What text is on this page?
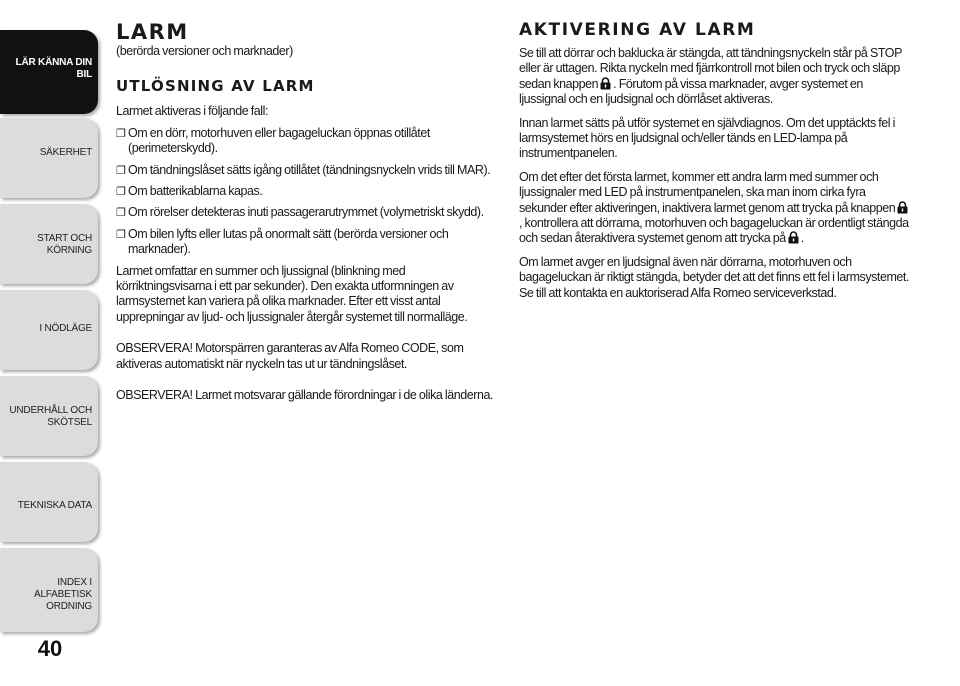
LÄR KÄNNA DIN
BIL
SÄKERHET
START OCH
KÖRNING
I NÖDLÄGE
UNDERHÅLL OCH
SKÖTSEL
TEKNISKA DATA
INDEX I ALFABETISK
ORDNING
40
LARM

(berörda versioner och marknader)

UTLÖSNING AV LARM

Larmet aktiveras i följande fall:

❐ Om en dörr, motorhuven eller bagageluckan öppnas otillåtet (perimeterskydd).
❐ Om tändningslåset sätts igång otillåtet (tändningsnyckeln vrids till MAR).
❐ Om batterikablarna kapas.
❐ Om rörelser detekteras inuti passagerarutrymmet (volymetriskt skydd).
❐ Om bilen lyfts eller lutas på onormalt sätt (berörda versioner och marknader).

Larmet omfattar en summer och ljussignal (blinkning med körriktningsvisarna i ett par sekunder). Den exakta utformningen av larmsystemet kan variera på olika marknader. Efter ett visst antal upprepningar av ljud- och ljussignaler återgår systemet till normalläge.

OBSERVERA! Motorspärren garanteras av Alfa Romeo CODE, som aktiveras automatiskt när nyckeln tas ut ur tändningslåset.

OBSERVERA! Larmet motsvarar gällande förordningar i de olika länderna.

AKTIVERING AV LARM

Se till att dörrar och baklucka är stängda, att tändningsnyckeln står på STOP eller är uttagen. Rikta nyckeln med fjärrkontroll mot bilen och tryck och släpp sedan knappen . Förutom på vissa marknader, avger systemet en ljussignal och en ljudsignal och dörrlåset aktiveras.

Innan larmet sätts på utför systemet en självdiagnos. Om det upptäckts fel i larmsystemet hörs en ljudsignal och/eller tänds en LED-lampa på instrumentpanelen.

Om det efter det första larmet, kommer ett andra larm med summer och ljussignaler med LED på instrumentpanelen, ska man inom cirka fyra sekunder efter aktiveringen, inaktivera larmet genom att trycka på knappen, kontrollera att dörrarna, motorhuven och bagageluckan är ordentligt stängda och sedan återaktivera systemet genom att trycka på .

Om larmet avger en ljudsignal även när dörrarna, motorhuven och bagageluckan är riktigt stängda, betyder det att det finns ett fel i larmsystemet. Se till att kontakta en auktoriserad Alfa Romeo serviceverkstad.
